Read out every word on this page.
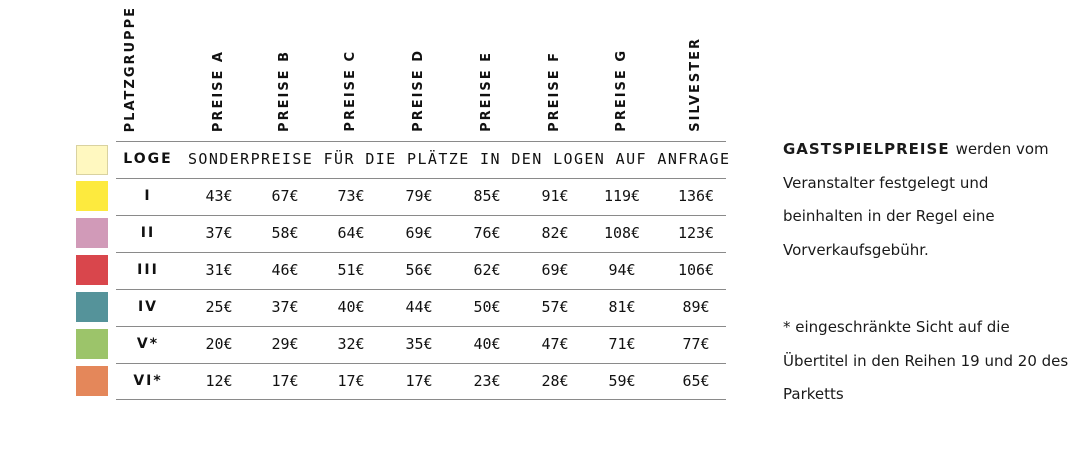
PLATZGRUPPE	PREISE A	PREISE B	PREISE C	PREISE D	PREISE E	PREISE F	PREISE G	SILVESTER
LOGE	SONDERPREISE FÜR DIE PLÄTZE IN DEN LOGEN AUF ANFRAGE
I	43€	67€	73€	79€	85€	91€	119€	136€
II	37€	58€	64€	69€	76€	82€	108€	123€
III	31€	46€	51€	56€	62€	69€	94€	106€
IV	25€	37€	40€	44€	50€	57€	81€	89€
V*	20€	29€	32€	35€	40€	47€	71€	77€
VI*	12€	17€	17€	17€	23€	28€	59€	65€
GASTSPIELPREISE werden vom Veranstalter festgelegt und beinhalten in der Regel eine Vorverkaufsgebühr.
* eingeschränkte Sicht auf die Übertitel in den Reihen 19 und 20 des Parketts
